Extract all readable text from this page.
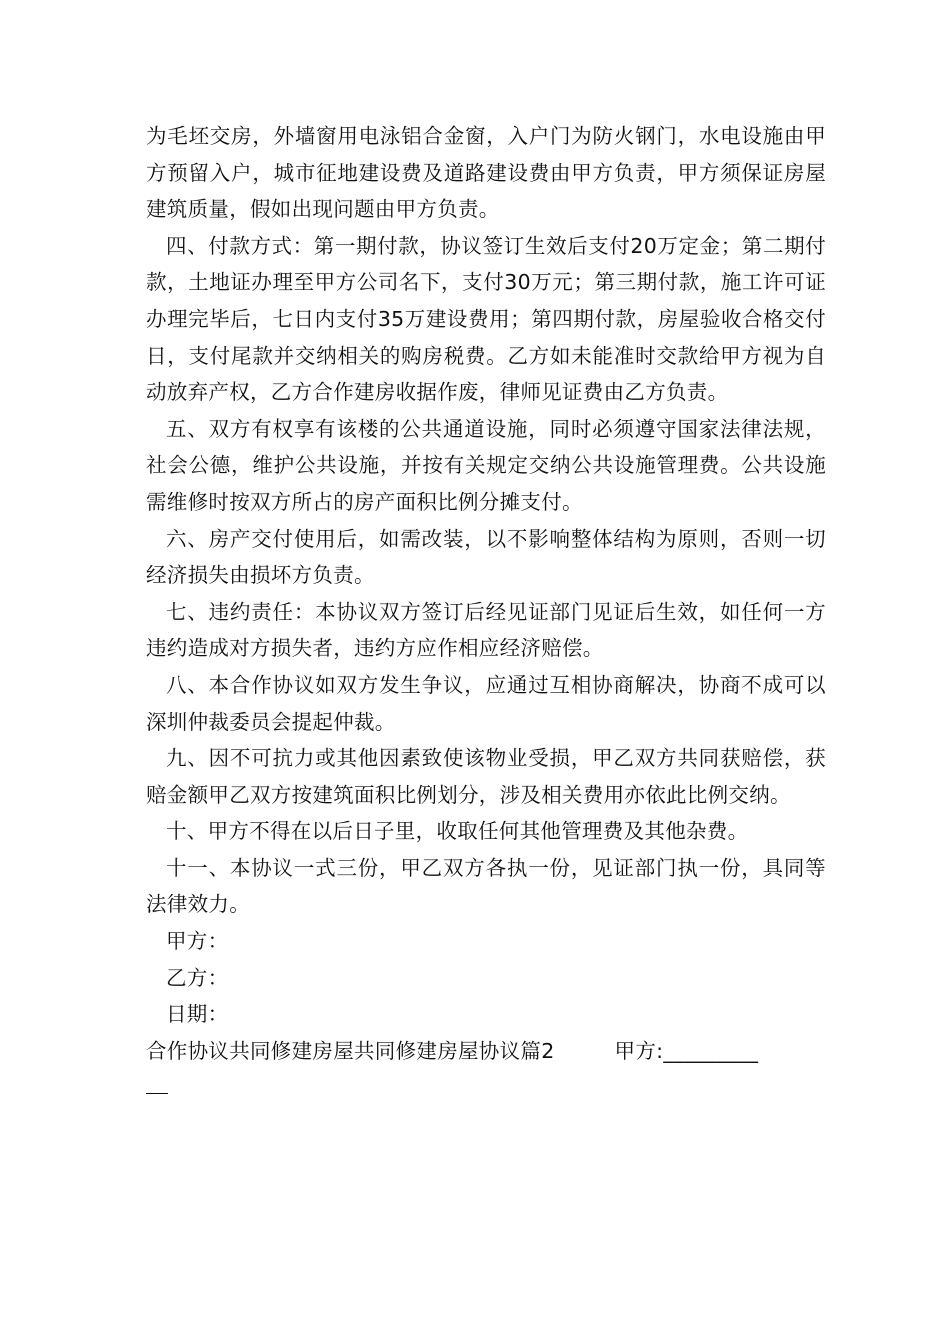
为毛坯交房，外墙窗用电泳铝合金窗，入户门为防火钢门，水电设施由甲方预留入户，城市征地建设费及道路建设费由甲方负责，甲方须保证房屋建筑质量，假如出现问题由甲方负责。

四、付款方式：第一期付款，协议签订生效后支付20万定金；第二期付款，土地证办理至甲方公司名下，支付30万元；第三期付款，施工许可证办理完毕后，七日内支付35万建设费用；第四期付款，房屋验收合格交付日，支付尾款并交纳相关的购房税费。乙方如未能准时交款给甲方视为自动放弃产权，乙方合作建房收据作废，律师见证费由乙方负责。

五、双方有权享有该楼的公共通道设施，同时必须遵守国家法律法规，社会公德，维护公共设施，并按有关规定交纳公共设施管理费。公共设施需维修时按双方所占的房产面积比例分摊支付。

六、房产交付使用后，如需改装，以不影响整体结构为原则，否则一切经济损失由损坏方负责。

七、违约责任：本协议双方签订后经见证部门见证后生效，如任何一方违约造成对方损失者，违约方应作相应经济赔偿。

八、本合作协议如双方发生争议，应通过互相协商解决，协商不成可以深圳仲裁委员会提起仲裁。

九、因不可抗力或其他因素致使该物业受损，甲乙双方共同获赔偿，获赔金额甲乙双方按建筑面积比例划分，涉及相关费用亦依此比例交纳。

十、甲方不得在以后日子里，收取任何其他管理费及其他杂费。

十一、本协议一式三份，甲乙双方各执一份，见证部门执一份，具同等法律效力。

甲方：

乙方：

日期：

合作协议共同修建房屋共同修建房屋协议篇2	甲方:_________
